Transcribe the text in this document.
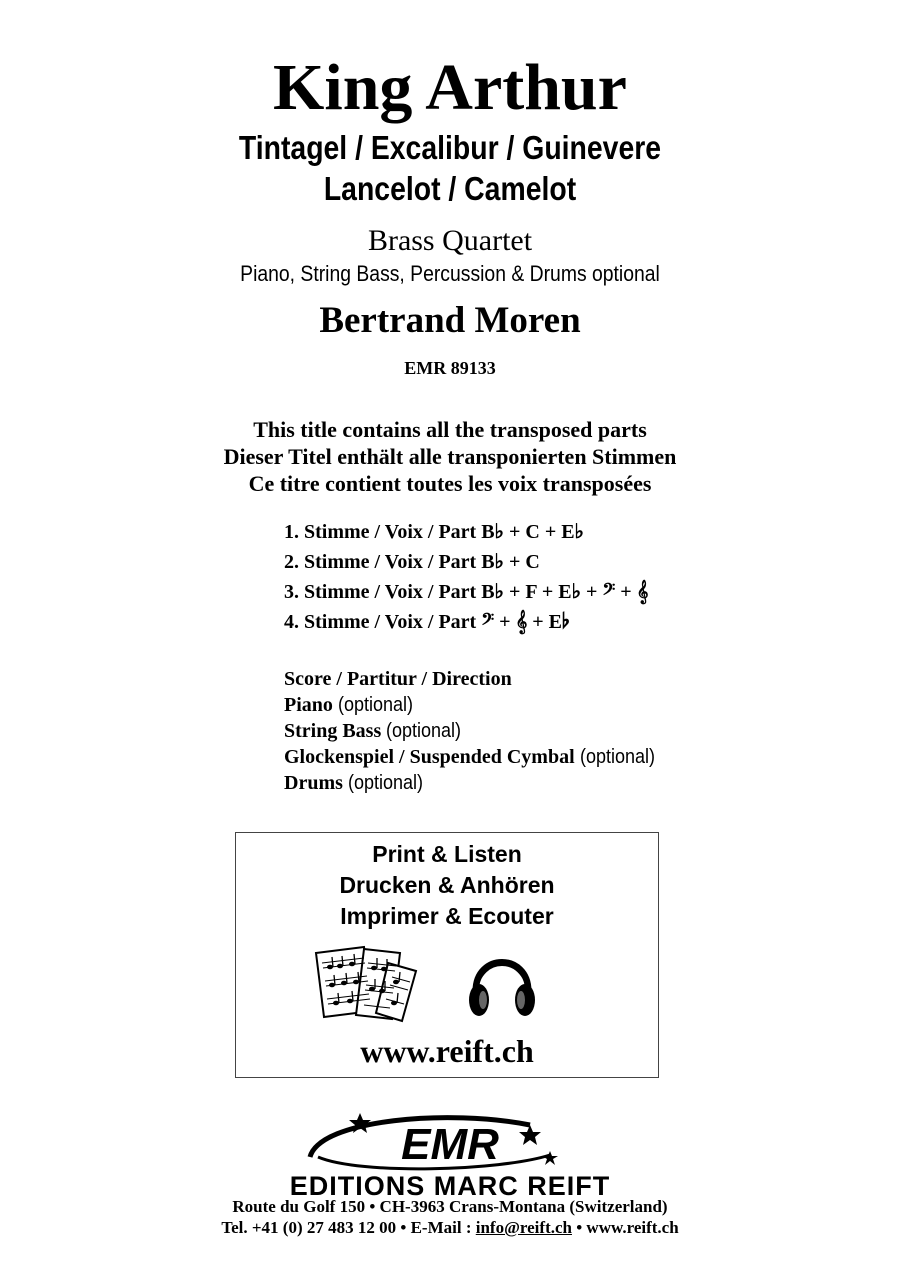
King Arthur
Tintagel / Excalibur / Guinevere
Lancelot / Camelot
Brass Quartet
Piano, String Bass, Percussion & Drums optional
Bertrand Moren
EMR 89133
This title contains all the transposed parts
Dieser Titel enthält alle transponierten Stimmen
Ce titre contient toutes les voix transposées
1. Stimme / Voix / Part B♭ + C + E♭
2. Stimme / Voix / Part B♭ + C
3. Stimme / Voix / Part B♭ + F + E♭ + 𝄢 + 𝄞
4. Stimme / Voix / Part 𝄢 + 𝄞 + E♭
Score / Partitur / Direction
Piano (optional)
String Bass (optional)
Glockenspiel / Suspended Cymbal (optional)
Drums (optional)
Print & Listen
Drucken & Anhören
Imprimer & Ecouter
www.reift.ch
EMR
EDITIONS MARC REIFT
Route du Golf 150 • CH-3963 Crans-Montana (Switzerland)
Tel. +41 (0) 27 483 12 00 • E-Mail : info@reift.ch • www.reift.ch
